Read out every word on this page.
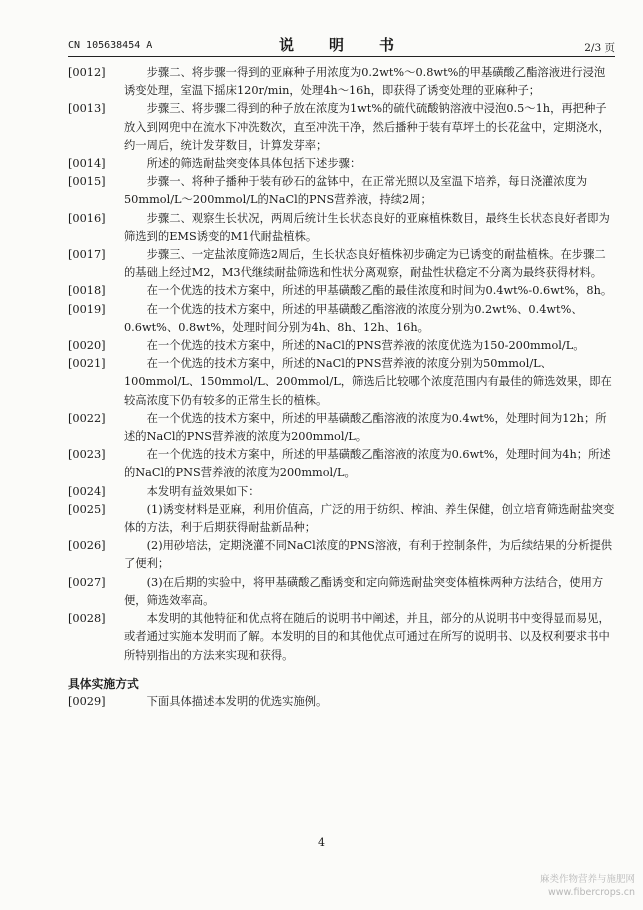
CN 105638454 A	说　明　书	2/3 页
[0012] 　　步骤二、将步骤一得到的亚麻种子用浓度为0.2wt%～0.8wt%的甲基磺酸乙酯溶液进行浸泡诱变处理，室温下摇床120r/min，处理4h～16h，即获得了诱变处理的亚麻种子；
[0013] 　　步骤三、将步骤二得到的种子放在浓度为1wt%的硫代硫酸钠溶液中浸泡0.5～1h，再把种子放入到网兜中在流水下冲洗数次，直至冲洗干净，然后播种于装有草坪土的长花盆中，定期浇水，约一周后，统计发芽数目，计算发芽率；
[0014] 　　所述的筛选耐盐突变体具体包括下述步骤：
[0015] 　　步骤一、将种子播种于装有砂石的盆钵中，在正常光照以及室温下培养，每日浇灌浓度为50mmol/L～200mmol/L的NaCl的PNS营养液，持续2周；
[0016] 　　步骤二、观察生长状况，两周后统计生长状态良好的亚麻植株数目，最终生长状态良好者即为筛选到的EMS诱变的M1代耐盐植株。
[0017] 　　步骤三、一定盐浓度筛选2周后，生长状态良好植株初步确定为已诱变的耐盐植株。在步骤二的基础上经过M2，M3代继续耐盐筛选和性状分离观察，耐盐性状稳定不分离为最终获得材料。
[0018] 　　在一个优选的技术方案中，所述的甲基磺酸乙酯的最佳浓度和时间为0.4wt%-0.6wt%，8h。
[0019] 　　在一个优选的技术方案中，所述的甲基磺酸乙酯溶液的浓度分别为0.2wt%、0.4wt%、0.6wt%、0.8wt%，处理时间分别为4h、8h、12h、16h。
[0020] 　　在一个优选的技术方案中，所述的NaCl的PNS营养液的浓度优选为150-200mmol/L。
[0021] 　　在一个优选的技术方案中，所述的NaCl的PNS营养液的浓度分别为50mmol/L、100mmol/L、150mmol/L、200mmol/L，筛选后比较哪个浓度范围内有最佳的筛选效果，即在较高浓度下仍有较多的正常生长的植株。
[0022] 　　在一个优选的技术方案中，所述的甲基磺酸乙酯溶液的浓度为0.4wt%，处理时间为12h；所述的NaCl的PNS营养液的浓度为200mmol/L。
[0023] 　　在一个优选的技术方案中，所述的甲基磺酸乙酯溶液的浓度为0.6wt%，处理时间为4h；所述的NaCl的PNS营养液的浓度为200mmol/L。
[0024] 　　本发明有益效果如下：
[0025] 　　(1)诱变材料是亚麻，利用价值高，广泛的用于纺织、榨油、养生保健，创立培育筛选耐盐突变体的方法，利于后期获得耐盐新品种；
[0026] 　　(2)用砂培法，定期浇灌不同NaCl浓度的PNS溶液，有利于控制条件，为后续结果的分析提供了便利；
[0027] 　　(3)在后期的实验中，将甲基磺酸乙酯诱变和定向筛选耐盐突变体植株两种方法结合，使用方便，筛选效率高。
[0028] 　　本发明的其他特征和优点将在随后的说明书中阐述，并且，部分的从说明书中变得显而易见，或者通过实施本发明而了解。本发明的目的和其他优点可通过在所写的说明书、以及权利要求书中所特别指出的方法来实现和获得。

具体实施方式

[0029] 　　下面具体描述本发明的优选实施例。
4
麻类作物营养与施肥网
www.fibercrops.cn
